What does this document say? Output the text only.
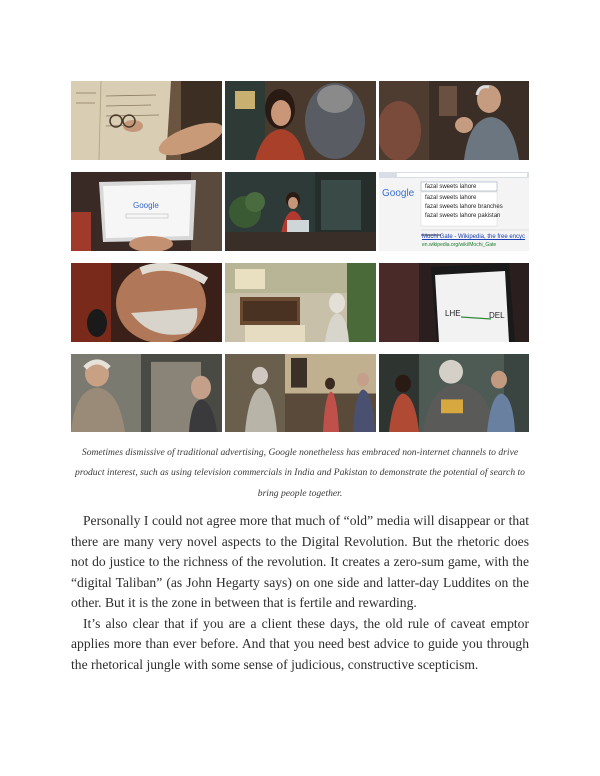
Google
Google
fazal sweets lahore
fazal sweets lahore
fazal sweets lahore branches
fazal sweets lahore pakistan
Mochi Gate - Wikipedia, the free encyc
en.wikipedia.org/wiki/Mochi_Gate
LHE	DEL
Sometimes dismissive of traditional advertising, Google nonetheless has embraced non-internet channels to drive product interest, such as using television commercials in India and Pakistan to demonstrate the potential of search to bring people together.

Personally I could not agree more that much of “old” media will disappear or that there are many very novel aspects to the Digital Revolution. But the rhetoric does not do justice to the richness of the revolution. It creates a zero-sum game, with the “digital Taliban” (as John Hegarty says) on one side and latter-day Luddites on the other. But it is the zone in between that is fertile and rewarding.

It’s also clear that if you are a client these days, the old rule of caveat emptor applies more than ever before. And that you need best advice to guide you through the rhetorical jungle with some sense of judicious, constructive scepticism.
